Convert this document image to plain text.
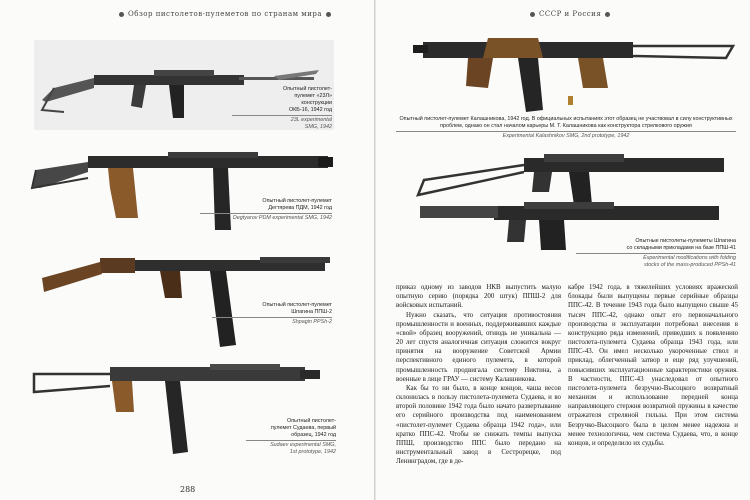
Обзор пистолетов-пулеметов по странам мира
Опытный пистолет-
пулемет «23Л»
конструкции
ОКБ-16, 1942 год
23L experimental
SMG, 1942
Опытный пистолет-пулемет
Дегтярева ПДМ, 1942 год
Degtyarov PDM experimental SMG, 1942
Опытный пистолет-пулемет
Шпагина ППШ-2
Shpagin PPSh-2
Опытный пистолет-
пулемет Судаева, первый
образец, 1942 год
Sudaev experimental SMG,
1st prototype, 1942
288
СССР и Россия
Опытный пистолет-пулемет Калашникова, 1942 год. В официальных испытаниях этот образец не участвовал в силу конструктивных проблем, однако он стал началом карьеры М. Т. Калашникова как конструктора стрелкового оружия
Experimental Kalashnikov SMG, 2nd prototype, 1942
Опытные пистолеты-пулеметы Шпагина
со складными прикладами на базе ППШ-41
Experimental modifications with folding
stocks of the mass-produced PPSh-41

приказ одному из заводов НКВ выпустить малую опытную серию (порядка 200 штук) ППШ-2 для войсковых испытаний.

Нужно сказать, что ситуация противостояния промышленности и военных, поддерживавших каждые «свой» образец вооружений, отнюдь не уникальна — 20 лет спустя аналогичная ситуация сложится вокруг принятия на вооружение Советской Армии перспективного единого пулемета, в которой промышленность продвигала систему Никтина, а военные в лице ГРАУ — систему Калашникова.

Как бы то ни было, в конце концов, чаша весов склонилась в пользу пистолета-пулемета Судаева, и во второй половине 1942 года было начато развертывание его серийного производства под наименованием «пистолет-пулемет Судаева образца 1942 года», или кратко ППС-42. Чтобы не снижать темпы выпуска ППШ, производство ППС было передано на инструментальный завод в Сестрорецке, под Ленинградом, где в де-

кабре 1942 года, в тяжелейших условиях вражеской блокады были выпущены первые серийные образцы ППС-42. В течение 1943 года было выпущено свыше 45 тысяч ППС-42, однако опыт его первоначального производства и эксплуатации потребовал внесения в конструкцию ряда изменений, приведших к появлению пистолета-пулемета Судаева образца 1943 года, или ППС-43. Он имел несколько укороченные ствол и приклад, облегченный затвор и еще ряд улучшений, повысивших эксплуатационные характеристики оружия. В частности, ППС-43 унаследовал от опытного пистолета-пулемета безручно-Высоцкого возвратный механизм и использование передней конца направляющего стержня возвратной пружины в качестве отражателя стреляной гильзы. При этом система Безручко-Высоцкого была в целом менее надежна и менее технологична, чем система Судаева, что, в конце концов, и определило их судьбы.
